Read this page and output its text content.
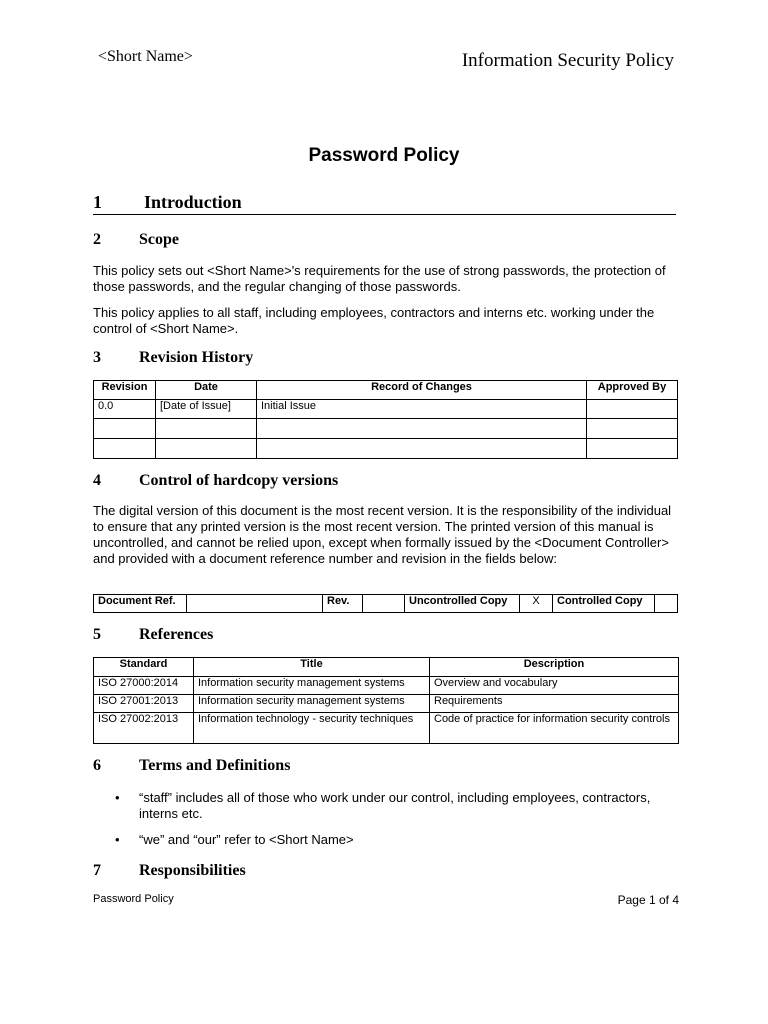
<Short Name>	Information Security Policy
Password Policy
1 Introduction
2 Scope
This policy sets out <Short Name>'s requirements for the use of strong passwords, the protection of those passwords, and the regular changing of those passwords.
This policy applies to all staff, including employees, contractors and interns etc. working under the control of <Short Name>.
3 Revision History
Revision	Date	Record of Changes	Approved By
0.0	[Date of Issue]	Initial Issue	

4 Control of hardcopy versions
The digital version of this document is the most recent version. It is the responsibility of the individual to ensure that any printed version is the most recent version. The printed version of this manual is uncontrolled, and cannot be relied upon, except when formally issued by the <Document Controller> and provided with a document reference number and revision in the fields below:
Document Ref.		Rev.		Uncontrolled Copy	X	Controlled Copy	
5 References
Standard	Title	Description
ISO 27000:2014	Information security management systems	Overview and vocabulary
ISO 27001:2013	Information security management systems	Requirements
ISO 27002:2013	Information technology - security techniques	Code of practice for information security controls
6 Terms and Definitions
• “staff” includes all of those who work under our control, including employees, contractors, interns etc.
• “we” and “our” refer to <Short Name>
7 Responsibilities
Password Policy	Page 1 of 4
